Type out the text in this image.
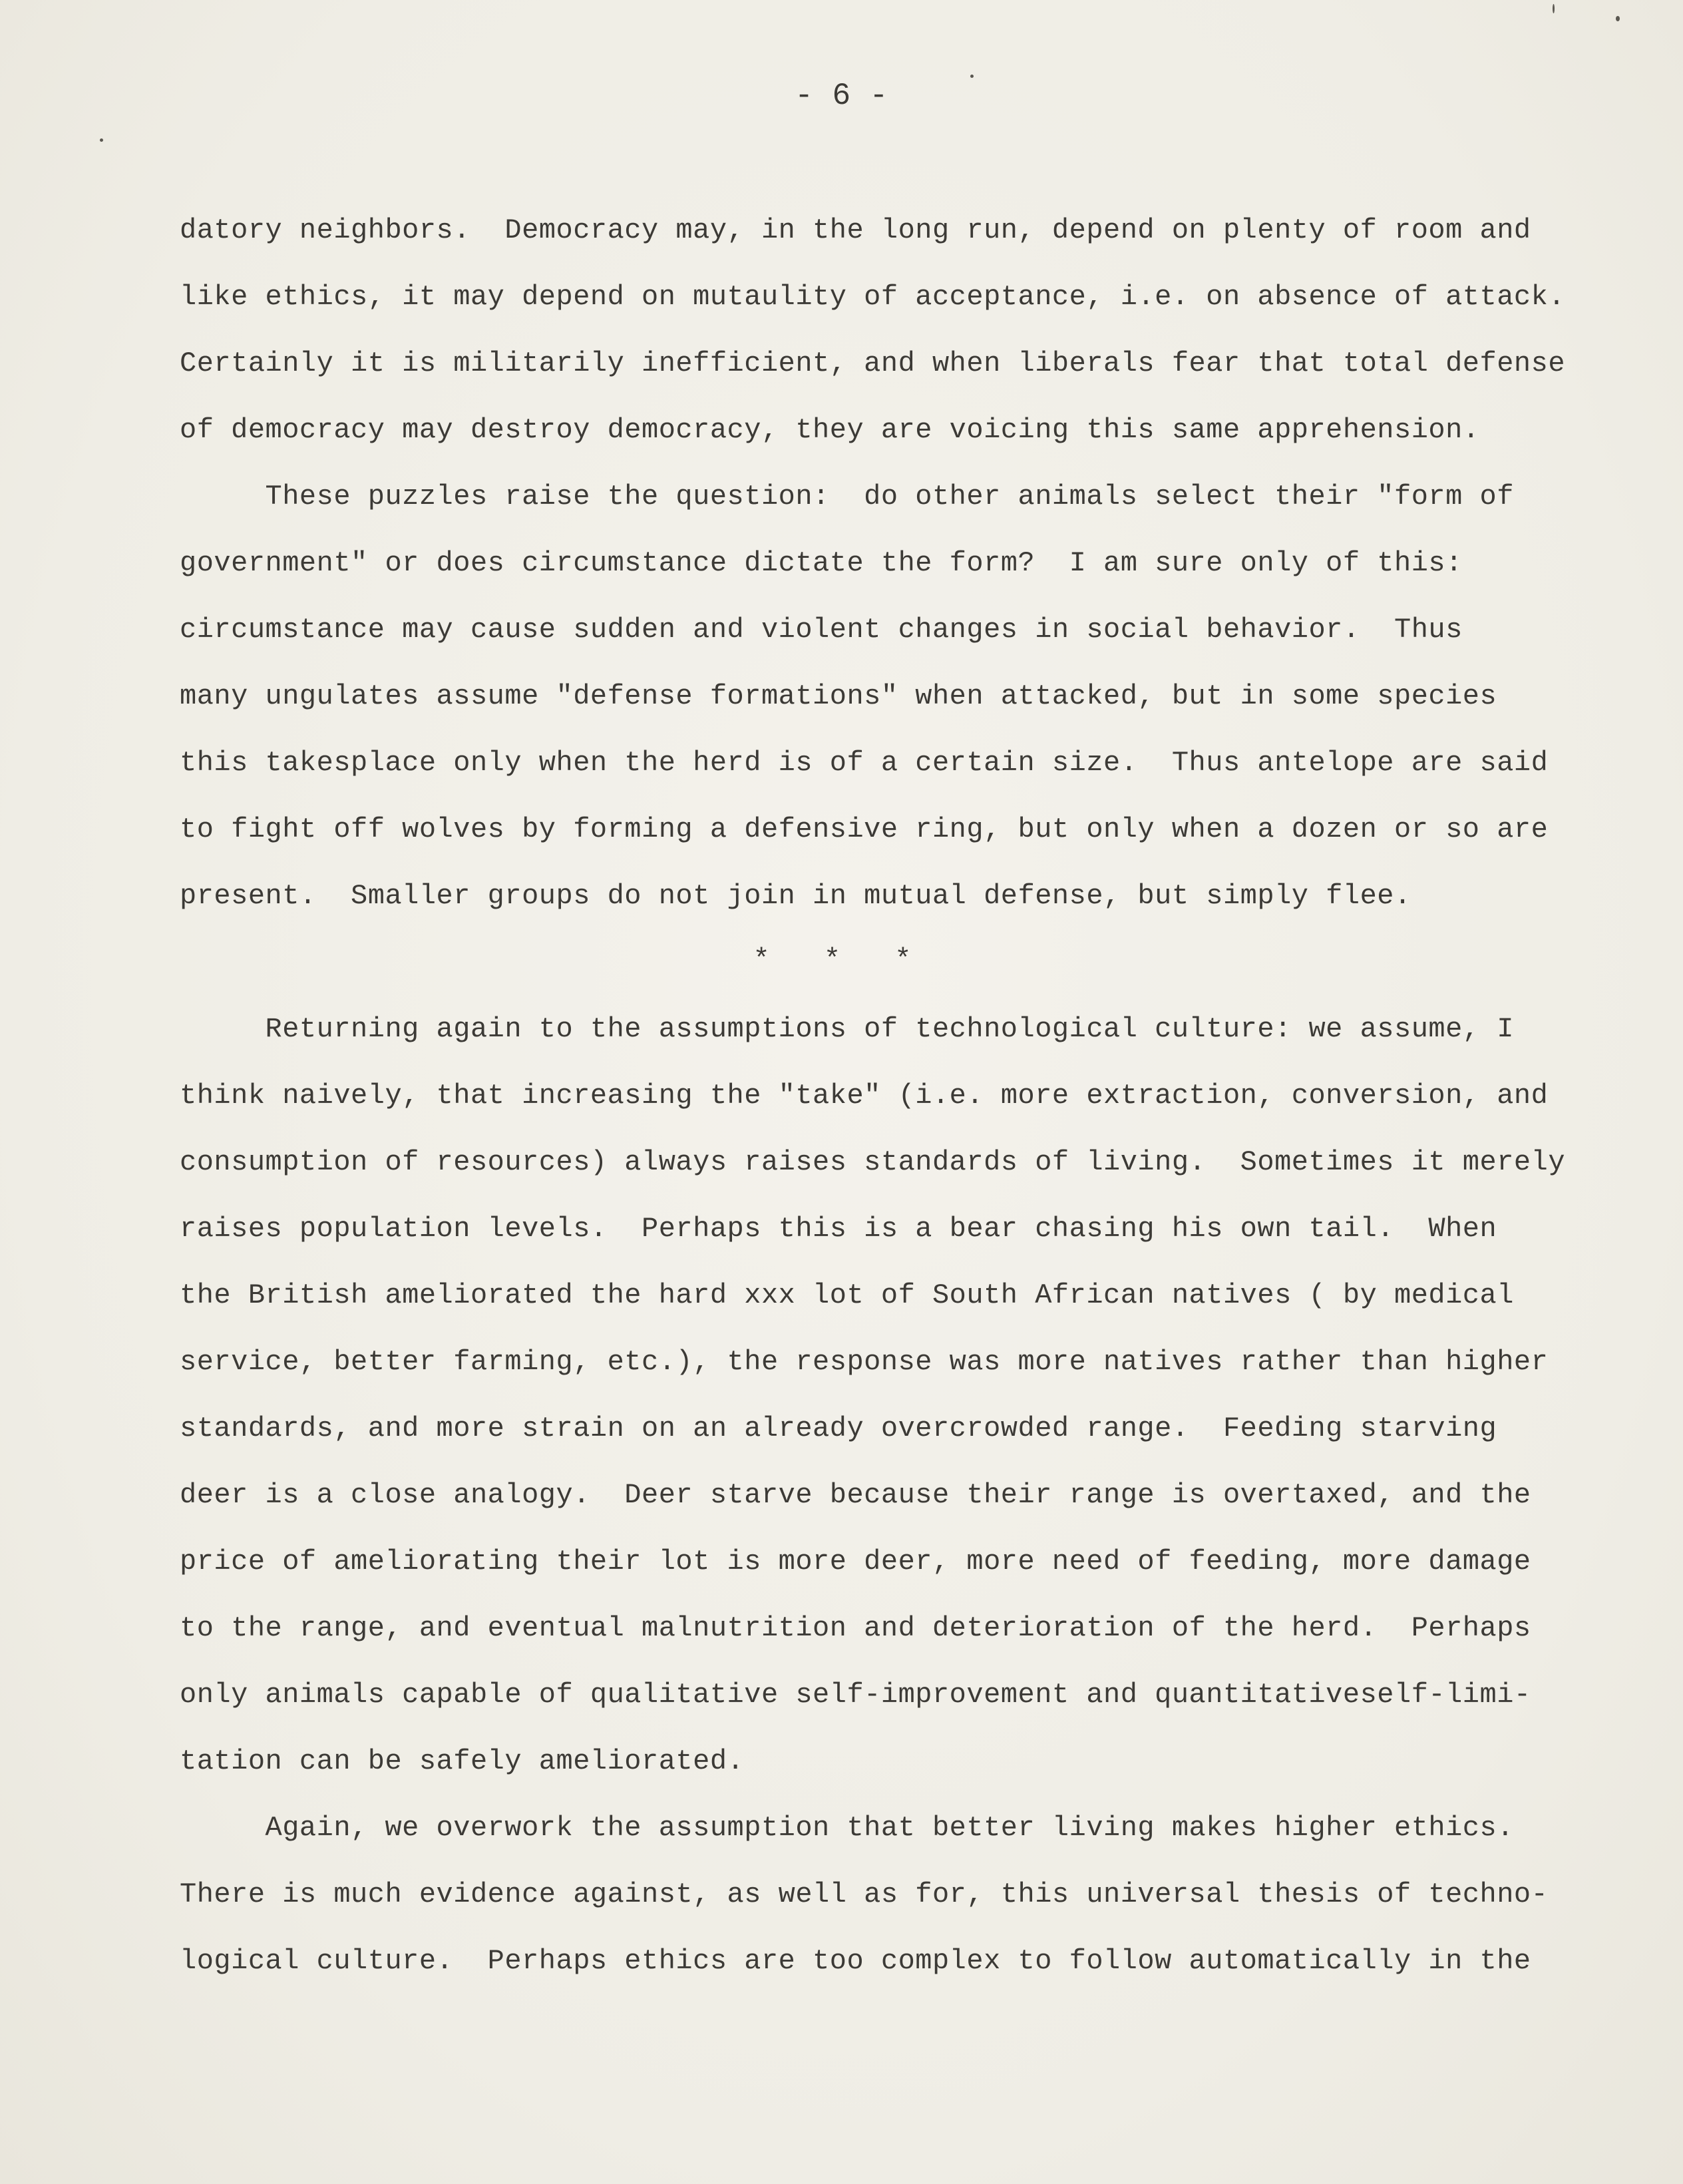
- 6 -

datory neighbors.  Democracy may, in the long run, depend on plenty of room and

like ethics, it may depend on mutaulity of acceptance, i.e. on absence of attack.

Certainly it is militarily inefficient, and when liberals fear that total defense

of democracy may destroy democracy, they are voicing this same apprehension.

These puzzles raise the question:  do other animals select their "form of

government" or does circumstance dictate the form?  I am sure only of this:

circumstance may cause sudden and violent changes in social behavior.  Thus

many ungulates assume "defense formations" when attacked, but in some species

this takesplace only when the herd is of a certain size.  Thus antelope are said

to fight off wolves by forming a defensive ring, but only when a dozen or so are

present.  Smaller groups do not join in mutual defense, but simply flee.

* * *

Returning again to the assumptions of technological culture: we assume, I

think naively, that increasing the "take" (i.e. more extraction, conversion, and

consumption of resources) always raises standards of living.  Sometimes it merely

raises population levels.  Perhaps this is a bear chasing his own tail.  When

the British ameliorated the hard xxx lot of South African natives ( by medical

service, better farming, etc.), the response was more natives rather than higher

standards, and more strain on an already overcrowded range.  Feeding starving

deer is a close analogy.  Deer starve because their range is overtaxed, and the

price of ameliorating their lot is more deer, more need of feeding, more damage

to the range, and eventual malnutrition and deterioration of the herd.  Perhaps

only animals capable of qualitative self-improvement and quantitativeself-limi-

tation can be safely ameliorated.

Again, we overwork the assumption that better living makes higher ethics.

There is much evidence against, as well as for, this universal thesis of techno-

logical culture.  Perhaps ethics are too complex to follow automatically in the
